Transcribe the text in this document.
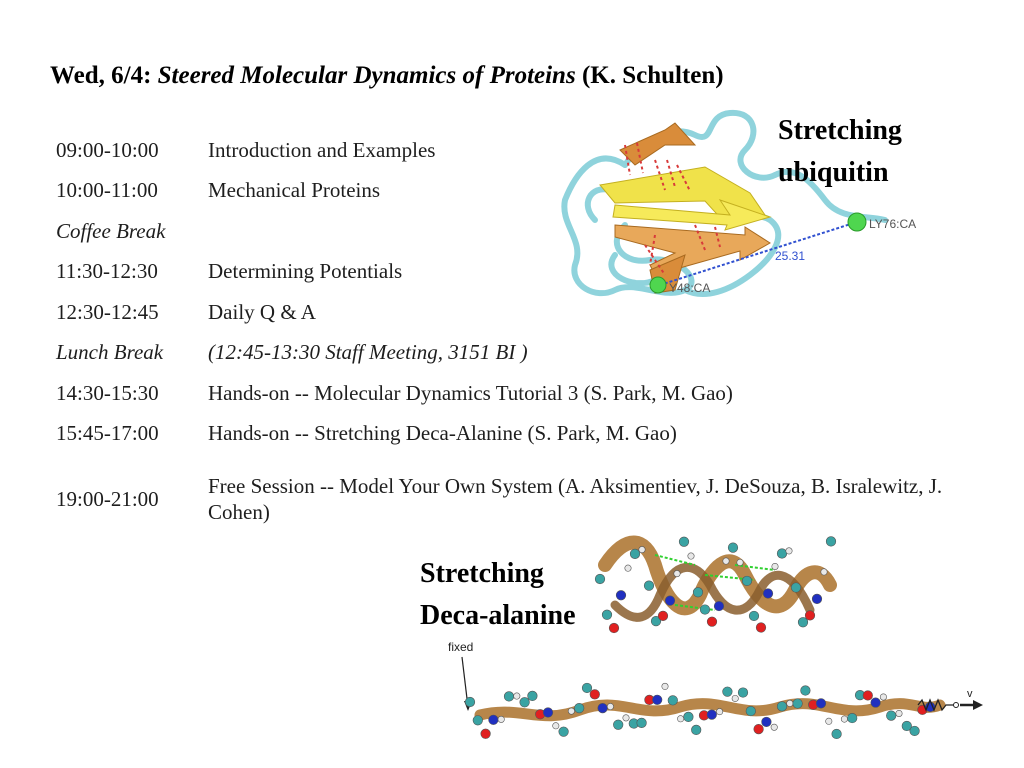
Wed, 6/4: Steered Molecular Dynamics of Proteins (K. Schulten)
09:00-10:00	Introduction and Examples
10:00-11:00	Mechanical Proteins
Coffee Break	
11:30-12:30	Determining Potentials
12:30-12:45	Daily Q & A
Lunch Break	(12:45-13:30 Staff Meeting, 3151 BI )
14:30-15:30	Hands-on -- Molecular Dynamics Tutorial 3 (S. Park, M. Gao)
15:45-17:00	Hands-on -- Stretching Deca-Alanine (S. Park, M. Gao)

19:00-21:00	Free Session -- Model Your Own System (A. Aksimentiev, J. DeSouza, B. Isralewitz, J. Cohen)
LY76:CA
Y48:CA
25.31
Stretching
ubiquitin
Stretching
Deca-alanine
fixed
v
